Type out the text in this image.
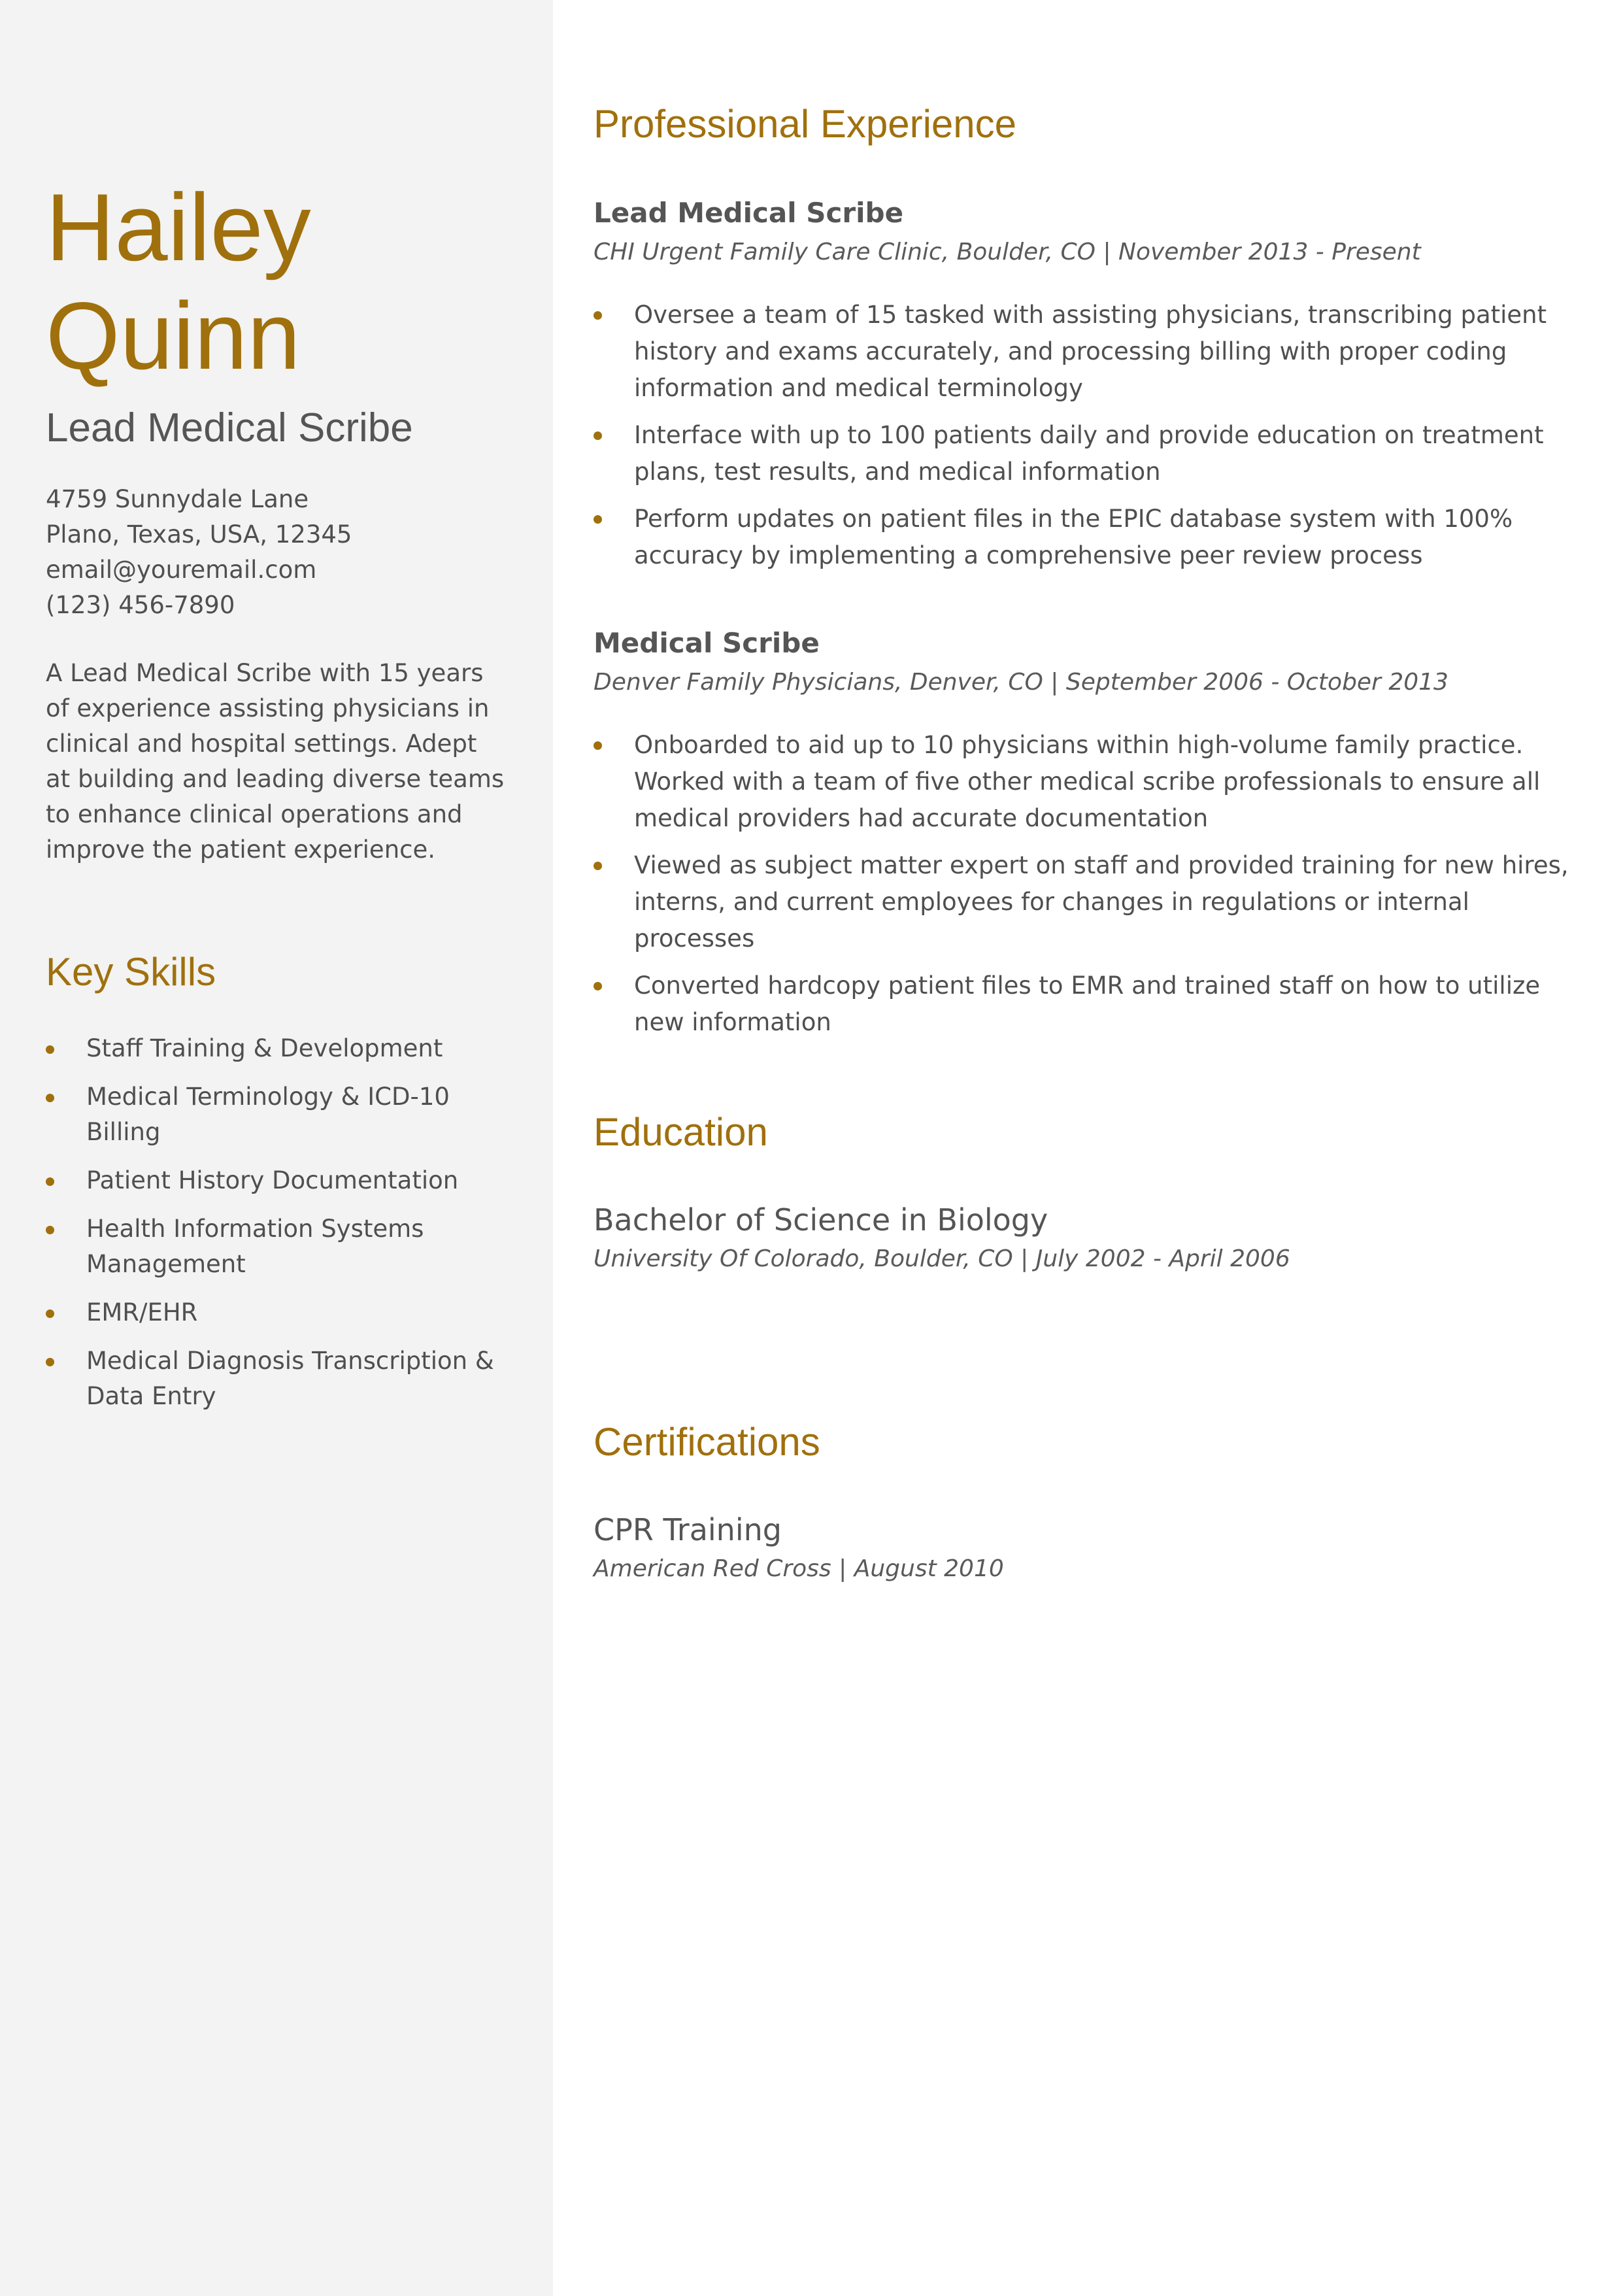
Hailey
Quinn
Lead Medical Scribe
4759 Sunnydale Lane
Plano, Texas, USA, 12345
email@youremail.com
(123) 456-7890

A Lead Medical Scribe with 15 years of experience assisting physicians in clinical and hospital settings. Adept at building and leading diverse teams to enhance clinical operations and improve the patient experience.

Key Skills
Staff Training & Development
Medical Terminology & ICD-10 Billing
Patient History Documentation
Health Information Systems Management
EMR/EHR
Medical Diagnosis Transcription & Data Entry
Professional Experience
Lead Medical Scribe
CHI Urgent Family Care Clinic, Boulder, CO | November 2013 - Present
Oversee a team of 15 tasked with assisting physicians, transcribing patient history and exams accurately, and processing billing with proper coding information and medical terminology
Interface with up to 100 patients daily and provide education on treatment plans, test results, and medical information
Perform updates on patient files in the EPIC database system with 100% accuracy by implementing a comprehensive peer review process
Medical Scribe
Denver Family Physicians, Denver, CO | September 2006 - October 2013
Onboarded to aid up to 10 physicians within high-volume family practice. Worked with a team of five other medical scribe professionals to ensure all medical providers had accurate documentation
Viewed as subject matter expert on staff and provided training for new hires, interns, and current employees for changes in regulations or internal processes
Converted hardcopy patient files to EMR and trained staff on how to utilize new information
Education
Bachelor of Science in Biology
University Of Colorado, Boulder, CO | July 2002 - April 2006
Certifications
CPR Training
American Red Cross | August 2010
